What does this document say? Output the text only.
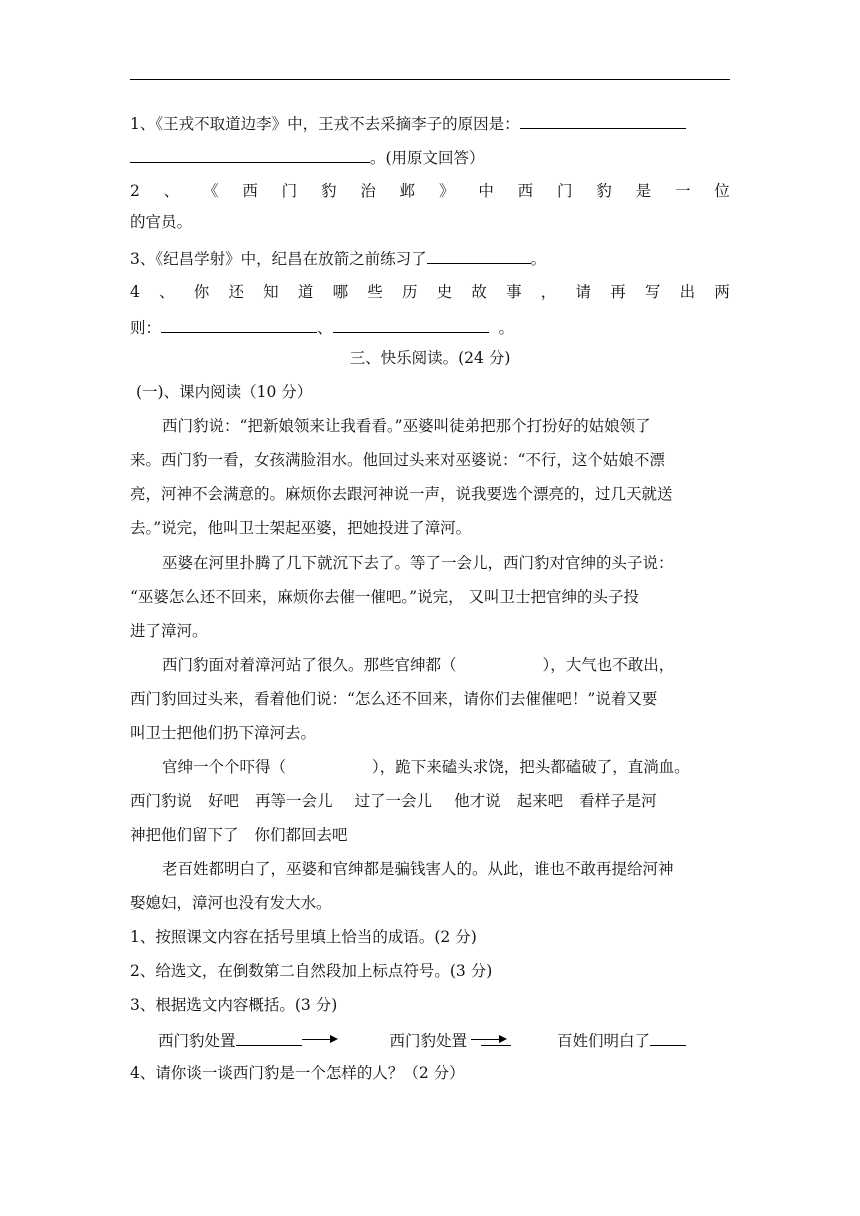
1、《王戎不取道边李》中，王戎不去采摘李子的原因是：
。(用原文回答）
2 、 《 西 门 豹 治 邺 》 中 西 门 豹 是 一 位
的官员。
3、《纪昌学射》中，纪昌在放箭之前练习了	。
4 、 你 还 知 道 哪 些 历 史 故 事 ， 请 再 写 出 两
则：	、	。
三、快乐阅读。(24 分)
(一)、课内阅读（10 分）
西门豹说：“把新娘领来让我看看。”巫婆叫徒弟把那个打扮好的姑娘领了
来。西门豹一看，女孩满脸泪水。他回过头来对巫婆说：“不行，这个姑娘不漂
亮，河神不会满意的。麻烦你去跟河神说一声，说我要选个漂亮的，过几天就送
去。”说完，他叫卫士架起巫婆，把她投进了漳河。
巫婆在河里扑腾了几下就沉下去了。等了一会儿，西门豹对官绅的头子说：
“巫婆怎么还不回来，麻烦你去催一催吧。”说完， 又叫卫士把官绅的头子投
进了漳河。
西门豹面对着漳河站了很久。那些官绅都（	），大气也不敢出，
西门豹回过头来，看着他们说：“怎么还不回来，请你们去催催吧！”说着又要
叫卫士把他们扔下漳河去。
官绅一个个吓得（	），跪下来磕头求饶，把头都磕破了，直淌血。
西门豹说 好吧 再等一会儿 过了一会儿 他才说 起来吧 看样子是河
神把他们留下了 你们都回去吧
老百姓都明白了，巫婆和官绅都是骗钱害人的。从此，谁也不敢再提给河神
娶媳妇，漳河也没有发大水。
1、按照课文内容在括号里填上恰当的成语。(2 分)
2、给选文，在倒数第二自然段加上标点符号。(3 分)
3、根据选文内容概括。(3 分)
西门豹处置	西门豹处置	百姓们明白了
4、请你谈一谈西门豹是一个怎样的人？（2 分）
